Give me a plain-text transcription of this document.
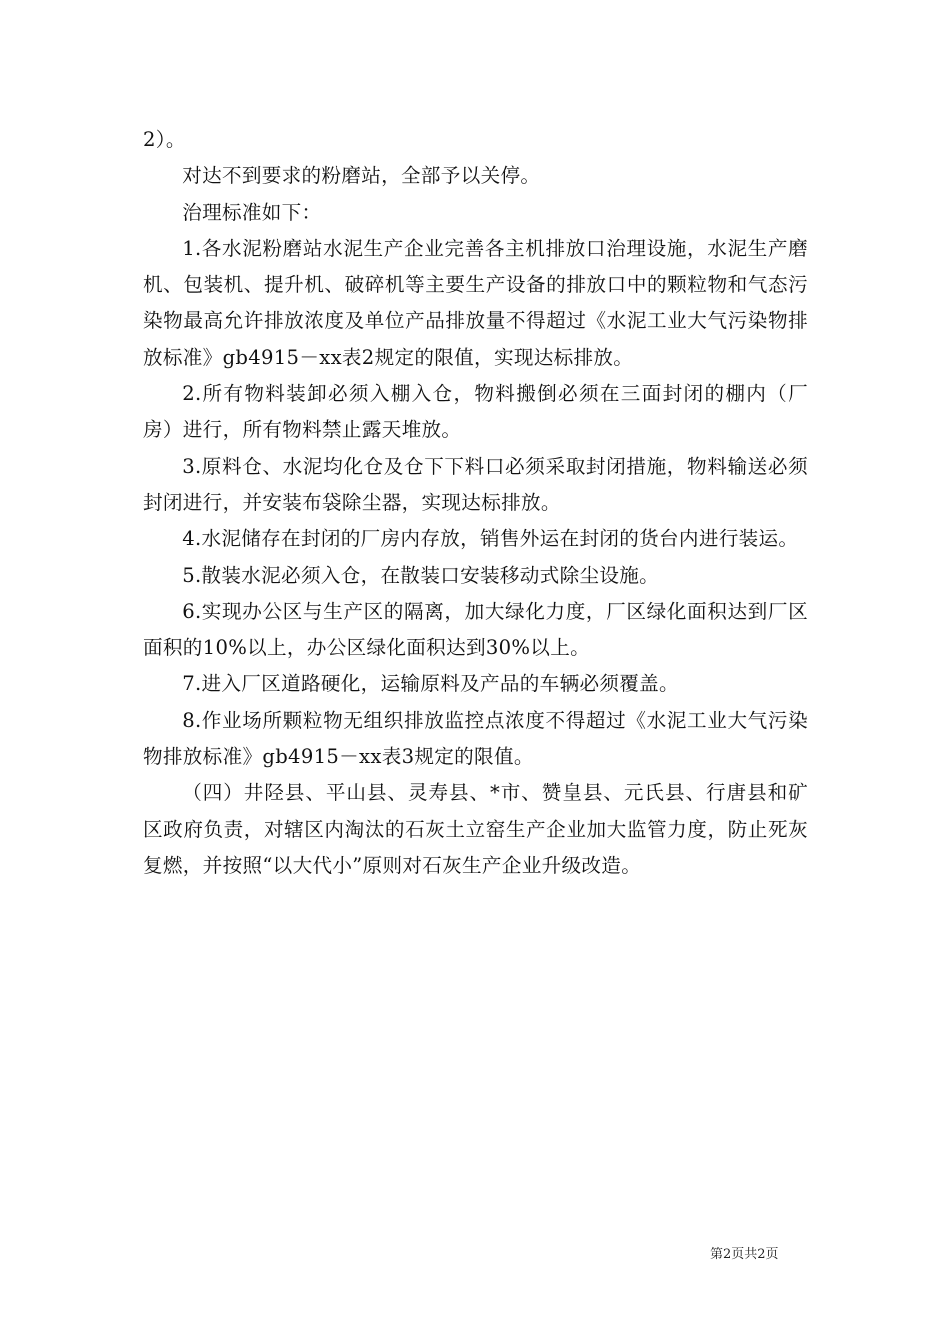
2）。

对达不到要求的粉磨站，全部予以关停。

治理标准如下：

1.各水泥粉磨站水泥生产企业完善各主机排放口治理设施，水泥生产磨机、包装机、提升机、破碎机等主要生产设备的排放口中的颗粒物和气态污染物最高允许排放浓度及单位产品排放量不得超过《水泥工业大气污染物排放标准》gb4915－xx表2规定的限值，实现达标排放。

2.所有物料装卸必须入棚入仓，物料搬倒必须在三面封闭的棚内（厂房）进行，所有物料禁止露天堆放。

3.原料仓、水泥均化仓及仓下下料口必须采取封闭措施，物料输送必须封闭进行，并安装布袋除尘器，实现达标排放。

4.水泥储存在封闭的厂房内存放，销售外运在封闭的货台内进行装运。

5.散装水泥必须入仓，在散装口安装移动式除尘设施。

6.实现办公区与生产区的隔离，加大绿化力度，厂区绿化面积达到厂区面积的10%以上，办公区绿化面积达到30%以上。

7.进入厂区道路硬化，运输原料及产品的车辆必须覆盖。

8.作业场所颗粒物无组织排放监控点浓度不得超过《水泥工业大气污染物排放标准》gb4915－xx表3规定的限值。

（四）井陉县、平山县、灵寿县、*市、赞皇县、元氏县、行唐县和矿区政府负责，对辖区内淘汰的石灰土立窑生产企业加大监管力度，防止死灰复燃，并按照“以大代小”原则对石灰生产企业升级改造。

第2页共2页
